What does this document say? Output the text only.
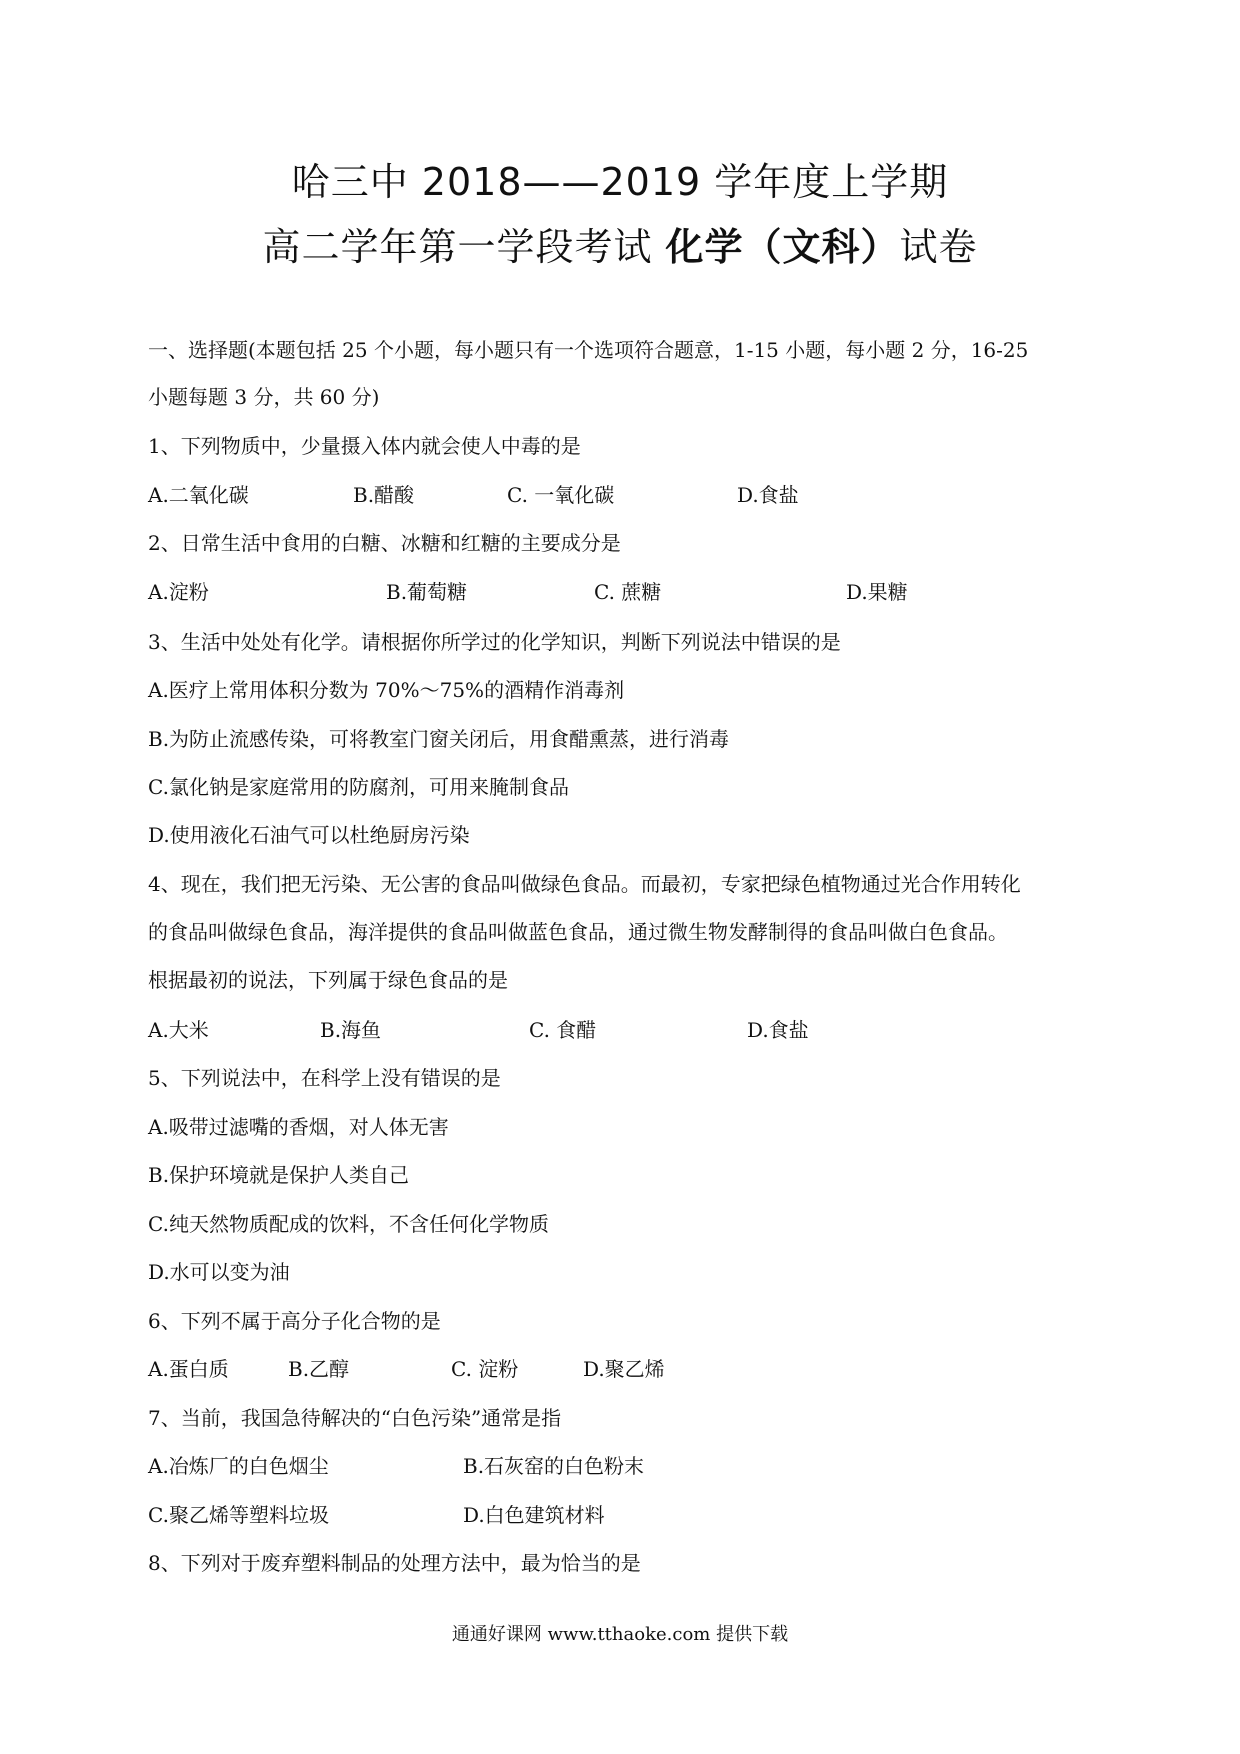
哈三中 2018——2019 学年度上学期
高二学年第一学段考试 化学（文科）试卷
一、选择题(本题包括 25 个小题，每小题只有一个选项符合题意，1-15 小题，每小题 2 分，16-25
小题每题 3 分，共 60 分)
1、下列物质中，少量摄入体内就会使人中毒的是
A.二氧化碳	B.醋酸	C. 一氧化碳	D.食盐
2、日常生活中食用的白糖、冰糖和红糖的主要成分是
A.淀粉	B.葡萄糖	C. 蔗糖	D.果糖
3、生活中处处有化学。请根据你所学过的化学知识，判断下列说法中错误的是
A.医疗上常用体积分数为 70%～75%的酒精作消毒剂
B.为防止流感传染，可将教室门窗关闭后，用食醋熏蒸，进行消毒
C.氯化钠是家庭常用的防腐剂，可用来腌制食品
D.使用液化石油气可以杜绝厨房污染
4、现在，我们把无污染、无公害的食品叫做绿色食品。而最初，专家把绿色植物通过光合作用转化
的食品叫做绿色食品，海洋提供的食品叫做蓝色食品，通过微生物发酵制得的食品叫做白色食品。
根据最初的说法，下列属于绿色食品的是
A.大米	B.海鱼	C. 食醋	D.食盐
5、下列说法中，在科学上没有错误的是
A.吸带过滤嘴的香烟，对人体无害
B.保护环境就是保护人类自己
C.纯天然物质配成的饮料，不含任何化学物质
D.水可以变为油
6、下列不属于高分子化合物的是
A.蛋白质	B.乙醇	C. 淀粉	D.聚乙烯
7、当前，我国急待解决的“白色污染”通常是指
A.冶炼厂的白色烟尘	B.石灰窑的白色粉末
C.聚乙烯等塑料垃圾	D.白色建筑材料
8、下列对于废弃塑料制品的处理方法中，最为恰当的是
通通好课网 www.tthaoke.com 提供下载
